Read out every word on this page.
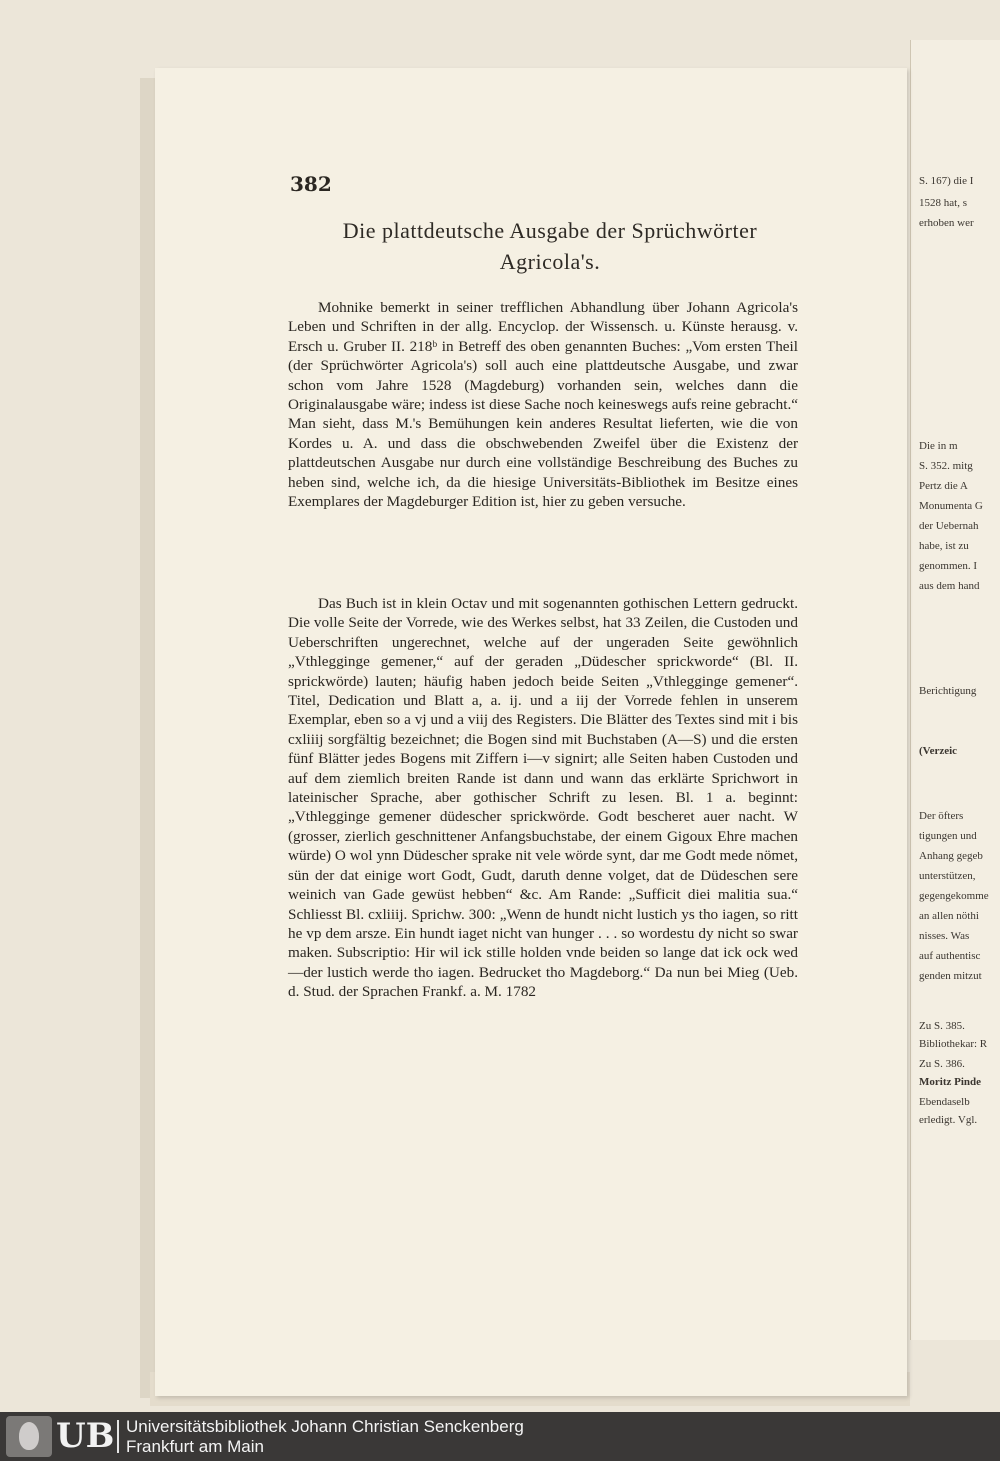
S. 167) die I
1528 hat, s
erhoben wer
Die in m
S. 352. mitg
Pertz die A
Monumenta G
der Uebernah
habe, ist zu
genommen. I
aus dem hand
Berichtigung
(Verzeic
Der öfters
tigungen und
Anhang gegeb
unterstützen,
gegengekomme
an allen nöthi
nisses. Was
auf authentisc
genden mitzut
Zu S. 385.
Bibliothekar: R
Zu S. 386.
Moritz Pinde
Ebendaselb
erledigt. Vgl.
382
Die plattdeutsche Ausgabe der Sprüchwörter Agricola's.
Mohnike bemerkt in seiner trefflichen Abhandlung über Johann Agricola's Leben und Schriften in der allg. Encyclop. der Wissensch. u. Künste herausg. v. Ersch u. Gruber II. 218ᵇ in Betreff des oben genannten Buches: „Vom ersten Theil (der Sprüchwörter Agricola's) soll auch eine plattdeutsche Ausgabe, und zwar schon vom Jahre 1528 (Magdeburg) vorhanden sein, welches dann die Originalausgabe wäre; indess ist diese Sache noch keineswegs aufs reine gebracht.“ Man sieht, dass M.'s Bemühungen kein anderes Resultat lieferten, wie die von Kordes u. A. und dass die obschwebenden Zweifel über die Existenz der plattdeutschen Ausgabe nur durch eine vollständige Beschreibung des Buches zu heben sind, welche ich, da die hiesige Universitäts-Bibliothek im Besitze eines Exemplares der Magdeburger Edition ist, hier zu geben versuche.
Das Buch ist in klein Octav und mit sogenannten gothischen Lettern gedruckt. Die volle Seite der Vorrede, wie des Werkes selbst, hat 33 Zeilen, die Custoden und Ueberschriften ungerechnet, welche auf der ungeraden Seite gewöhnlich „Vthlegginge gemener,“ auf der geraden „Düdescher sprickworde“ (Bl. II. sprickwörde) lauten; häufig haben jedoch beide Seiten „Vthlegginge gemener“. Titel, Dedication und Blatt a, a. ij. und a iij der Vorrede fehlen in unserem Exemplar, eben so a vj und a viij des Registers. Die Blätter des Textes sind mit i bis cxliiij sorgfältig bezeichnet; die Bogen sind mit Buchstaben (A—S) und die ersten fünf Blätter jedes Bogens mit Ziffern i—v signirt; alle Seiten haben Custoden und auf dem ziemlich breiten Rande ist dann und wann das erklärte Sprichwort in lateinischer Sprache, aber gothischer Schrift zu lesen. Bl. 1 a. beginnt: „Vthlegginge gemener düdescher sprickwörde. Godt bescheret auer nacht. W (grosser, zierlich geschnittener Anfangsbuchstabe, der einem Gigoux Ehre machen würde) O wol ynn Düdescher sprake nit vele wörde synt, dar me Godt mede nömet, sün der dat einige wort Godt, Gudt, daruth denne volget, dat de Düdeschen sere weinich van Gade gewüst hebben“ &c. Am Rande: „Sufficit diei malitia sua.“ Schliesst Bl. cxliiij. Sprichw. 300: „Wenn de hundt nicht lustich ys tho iagen, so ritt he vp dem arsze. Ein hundt iaget nicht van hunger . . . so wordestu dy nicht so swar maken. Subscriptio: Hir wil ick stille holden vnde beiden so lange dat ick ock wed—der lustich werde tho iagen. Bedrucket tho Magdeborg.“ Da nun bei Mieg (Ueb. d. Stud. der Sprachen Frankf. a. M. 1782
UB Universitätsbibliothek Johann Christian Senckenberg
Frankfurt am Main
